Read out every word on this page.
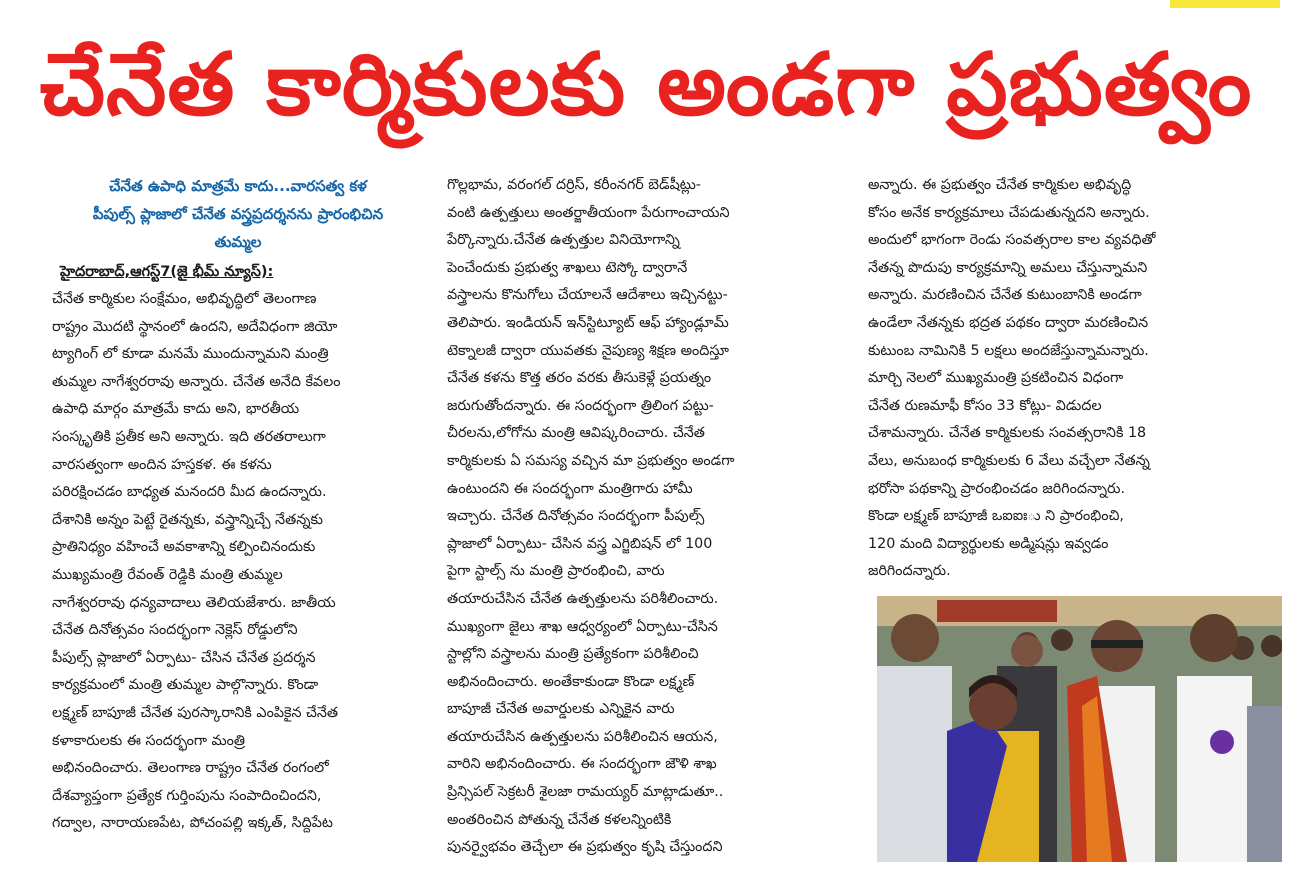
చేనేత కార్మికులకు అండగా ప్రభుత్వం
చేనేత ఉపాధి మాత్రమే కాదు...వారసత్వ కళ
పీపుల్స్ ప్లాజాలో చేనేత వస్త్రప్రదర్శనను ప్రారంభిచిన
తుమ్మల
హైదరాబాద్,ఆగస్ట్7(జై భీమ్ న్యూస్):

చేనేత కార్మికుల సంక్షేమం, అభివృద్ధిలో తెలంగాణ
రాష్ట్రం మొదటి స్థానంలో ఉందని, అదేవిధంగా జియో
ట్యాగింగ్ లో కూడా మనమే ముందున్నామని మంత్రి
తుమ్మల నాగేశ్వరరావు అన్నారు. చేనేత అనేది కేవలం
ఉపాధి మార్గం మాత్రమే కాదు అని, భారతీయ
సంస్కృతికి ప్రతీక అని అన్నారు. ఇది తరతరాలుగా
వారసత్వంగా అందిన హస్తకళ. ఈ కళను
పరిరక్షించడం బాధ్యత మనందరి మీద ఉందన్నారు.
దేశానికి అన్నం పెట్టే రైతన్నకు, వస్త్రాన్నిచ్చే నేతన్నకు
ప్రాతినిధ్యం వహించే అవకాశాన్ని కల్పించినందుకు
ముఖ్యమంత్రి రేవంత్ రెడ్డికి మంత్రి తుమ్మల
నాగేశ్వరరావు ధన్యవాదాలు తెలియజేశారు. జాతీయ
చేనేత దినోత్సవం సందర్భంగా నెక్లెస్ రోడ్డులోని
పీపుల్స్ ప్లాజాలో ఏర్పాటు- చేసిన చేనేత ప్రదర్శన
కార్యక్రమంలో మంత్రి తుమ్మల పాల్గొన్నారు. కొండా
లక్ష్మణ్ బాపూజీ చేనేత పురస్కారానికి ఎంపికైన చేనేత
కళాకారులకు ఈ సందర్భంగా మంత్రి
అభినందించారు. తెలంగాణ రాష్ట్రం చేనేత రంగంలో
దేశవ్యాప్తంగా ప్రత్యేక గుర్తింపును సంపాదించిందని,
గద్వాల, నారాయణపేట, పోచంపల్లి ఇక్కత్, సిద్దిపేట

గొల్లభామ, వరంగల్ దర్రిస్, కరీంనగర్ బెడ్‌షీట్లు-
వంటి ఉత్పత్తులు అంతర్జాతీయంగా పేరుగాంచాయని
పేర్కొన్నారు.చేనేత ఉత్పత్తుల వినియోగాన్ని
పెంచేందుకు ప్రభుత్వ శాఖలు టెస్కో ద్వారానే
వస్త్రాలను కొనుగోలు చేయాలనే ఆదేశాలు ఇచ్చినట్టు-
తెలిపారు. ఇండియన్ ఇన్‌స్టిట్యూట్ ఆఫ్ హ్యాండ్లూమ్
టెక్నాలజీ ద్వారా యువతకు నైపుణ్య శిక్షణ అందిస్తూ
చేనేత కళను కొత్త తరం వరకు తీసుకెళ్లే ప్రయత్నం
జరుగుతోందన్నారు. ఈ సందర్భంగా త్రిలింగ పట్టు-
చీరలను,లోగోను మంత్రి ఆవిష్కరించారు. చేనేత
కార్మికులకు ఏ సమస్య వచ్చిన మా ప్రభుత్వం అండగా
ఉంటుందని ఈ సందర్భంగా మంత్రిగారు హామీ
ఇచ్చారు. చేనేత దినోత్సవం సందర్భంగా పీపుల్స్
ప్లాజాలో ఏర్పాటు- చేసిన వస్త్ర ఎగ్జిబిషన్ లో 100
పైగా స్టాల్స్ ను మంత్రి ప్రారంభించి, వారు
తయారుచేసిన చేనేత ఉత్పత్తులను పరిశీలించారు.
ముఖ్యంగా జైలు శాఖ ఆధ్వర్యంలో ఏర్పాటు-చేసిన
స్టాల్లోని వస్త్రాలను మంత్రి ప్రత్యేకంగా పరిశీలించి
అభినందించారు. అంతేకాకుండా కొండా లక్ష్మణ్
బాపూజీ చేనేత అవార్డులకు ఎన్నికైన వారు
తయారుచేసిన ఉత్పత్తులను పరిశీలించిన ఆయన,
వారిని అభినందించారు. ఈ సందర్భంగా జౌళి శాఖ
ప్రిన్సిపల్ సెక్రటరీ శైలజా రామయ్యర్ మాట్లాడుతూ..
అంతరించిన పోతున్న చేనేత కళలన్నింటికి
పునర్వైభవం తెచ్చేలా ఈ ప్రభుత్వం కృషి చేస్తుందని

అన్నారు. ఈ ప్రభుత్వం చేనేత కార్మికుల అభివృద్ధి
కోసం అనేక కార్యక్రమాలు చేపడుతున్నదని అన్నారు.
అందులో భాగంగా రెండు సంవత్సరాల కాల వ్యవధితో
నేతన్న పొదుపు కార్యక్రమాన్ని అమలు చేస్తున్నామని
అన్నారు. మరణించిన చేనేత కుటుంబానికి అండగా
ఉండేలా నేతన్నకు భద్రత పథకం ద్వారా మరణించిన
కుటుంబ నామినికి 5 లక్షలు అందజేస్తున్నామన్నారు.
మార్చి నెలలో ముఖ్యమంత్రి ప్రకటించిన విధంగా
చేనేత రుణమాఫీ కోసం 33 కోట్లు- విడుదల
చేశామన్నారు. చేనేత కార్మికులకు సంవత్సరానికి 18
వేలు, అనుబంధ కార్మికులకు 6 వేలు వచ్చేలా నేతన్న
భరోసా పథకాన్ని ప్రారంభించడం జరిగిందన్నారు.
కొండా లక్ష్మణ్ బాపూజీ ఒఐఐఃు ని ప్రారంభించి,
120 మంది విద్యార్థులకు అడ్మిషన్లు ఇవ్వడం
జరిగిందన్నారు.
